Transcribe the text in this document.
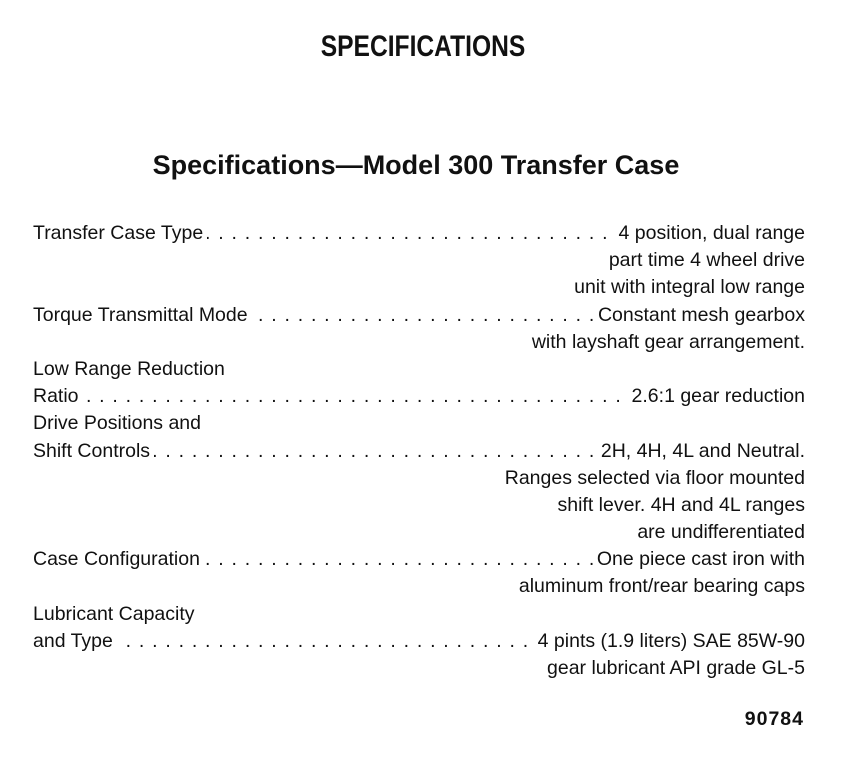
SPECIFICATIONS
Specifications—Model 300 Transfer Case
. . . Transfer Case Type	4 position, dual range
part time 4 wheel drive
unit with integral low range
. . . Torque Transmittal Mode	Constant mesh gearbox
with layshaft gear arrangement.
Low Range Reduction
. . . Ratio	2.6:1 gear reduction
Drive Positions and
. . . Shift Controls	2H, 4H, 4L and Neutral.
Ranges selected via floor mounted
shift lever. 4H and 4L ranges
are undifferentiated
. . . Case Configuration	One piece cast iron with
aluminum front/rear bearing caps
Lubricant Capacity
. . . and Type	4 pints (1.9 liters) SAE 85W-90
gear lubricant API grade GL-5
90784
